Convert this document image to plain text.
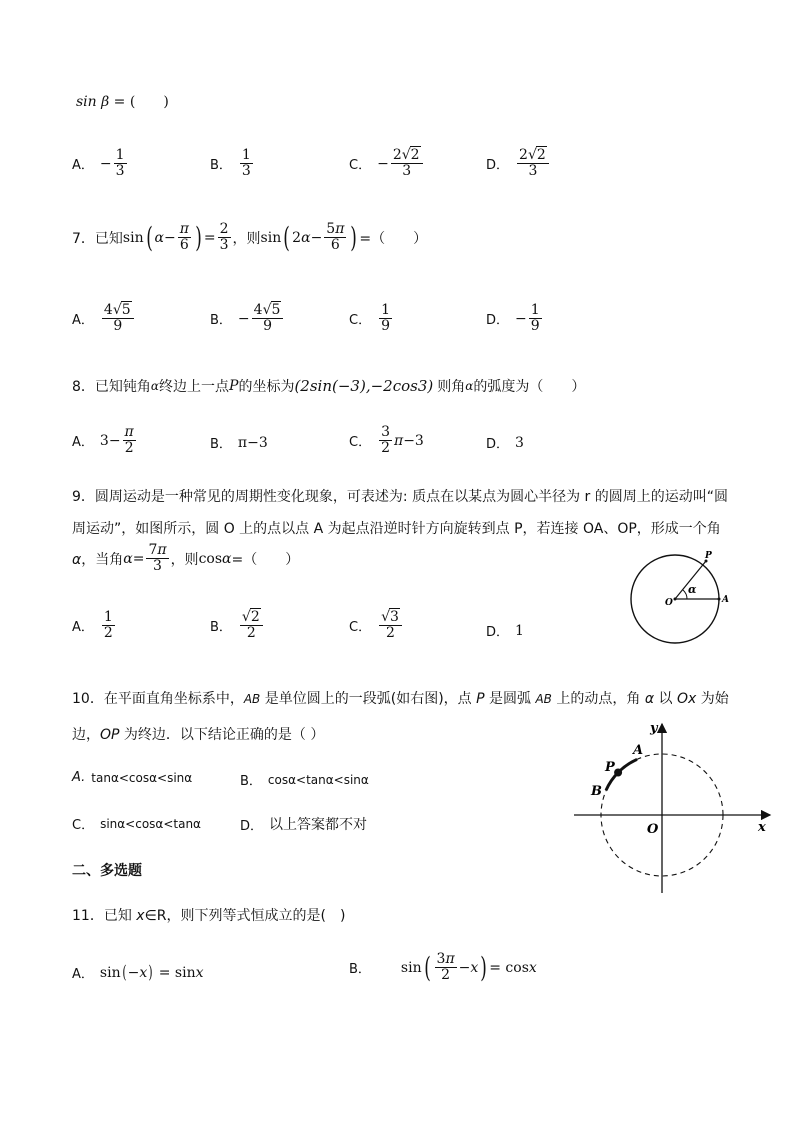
sin β = (　　)
A． − $\frac{1}{3}$	B． $\frac{1}{3}$	C． − $\frac{2√2}{3}$	D． $\frac{2√2}{3}$
7．已知 sin ( $\alpha - \frac{\pi}{6}$ ) = $\frac{2}{3}$ ，则 sin ( 2 $\alpha - \frac{5\pi}{6}$ ) =（　　）
A． $\frac{4√5}{9}$	B． − $\frac{4√5}{9}$	C． $\frac{1}{9}$	D． − $\frac{1}{9}$
8．已知钝角 α 终边上一点 P 的坐标为 (2sin(−3),−2cos3) 则角 α 的弧度为（　　）
A． $3- \frac{\pi}{2}$	B． π−3	C． $\frac{3}{2}$ π −3	D． 3
9．圆周运动是一种常见的周期性变化现象，可表述为: 质点在以某点为圆心半径为 r 的圆周上的运动叫“圆
周运动”，如图所示，圆 O 上的点以点 A 为起点沿逆时针方向旋转到点 P，若连接 OA、OP，形成一个角
α，当角 $\alpha = \frac{7\pi}{3}$ ，则 cos α =（　　）
A． $\frac{1}{2}$	B． $\frac{√2}{2}$	C． $\frac{√3}{2}$	D． 1
P
O	A
α
10．在平面直角坐标系中，AB 是单位圆上的一段弧(如右图)，点 P 是圆弧 AB 上的动点，角 α 以 Ox 为始
边，OP 为终边．以下结论正确的是（ ）
A. tanα<cosα<sinα	B． cosα<tanα<sinα
C． sinα<cosα<tanα	D． 以上答案都不对
y
x
O
A
P
B
二、多选题
11．已知 x∈R，则下列等式恒成立的是(　)
A． sin ( − x ) = sin x	B． sin ( $\frac{3\pi}{2} - x$ ) = cos x
